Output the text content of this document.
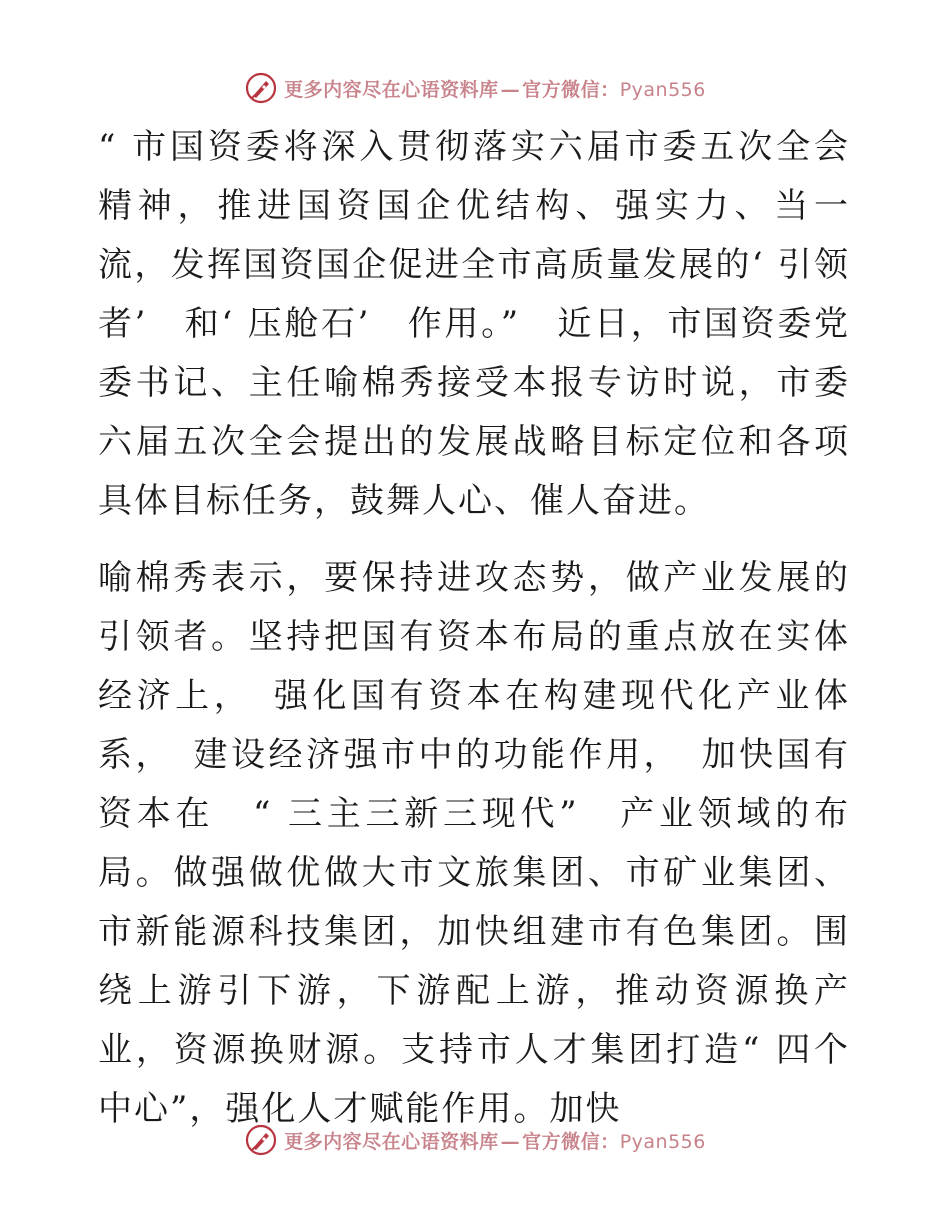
更多内容尽在心语资料库 — 官方微信：Pyan556

“ 市国资委将深入贯彻落实六届市委五次全会精神，推进国资国企优结构、强实力、当一流，发挥国资国企促进全市高质量发展的‘ 引领者’　和‘ 压舱石’　作用。”　近日，市国资委党委书记、主任喻棉秀接受本报专访时说，市委六届五次全会提出的发展战略目标定位和各项具体目标任务，鼓舞人心、催人奋进。

喻棉秀表示，要保持进攻态势，做产业发展的引领者。坚持把国有资本布局的重点放在实体经济上，　强化国有资本在构建现代化产业体系，　建设经济强市中的功能作用，　加快国有资本在　“ 三主三新三现代”　产业领域的布局。做强做优做大市文旅集团、市矿业集团、市新能源科技集团，加快组建市有色集团。围绕上游引下游，下游配上游，推动资源换产业，资源换财源。支持市人才集团打造“ 四个中心”，强化人才赋能作用。加快

更多内容尽在心语资料库 — 官方微信：Pyan556
